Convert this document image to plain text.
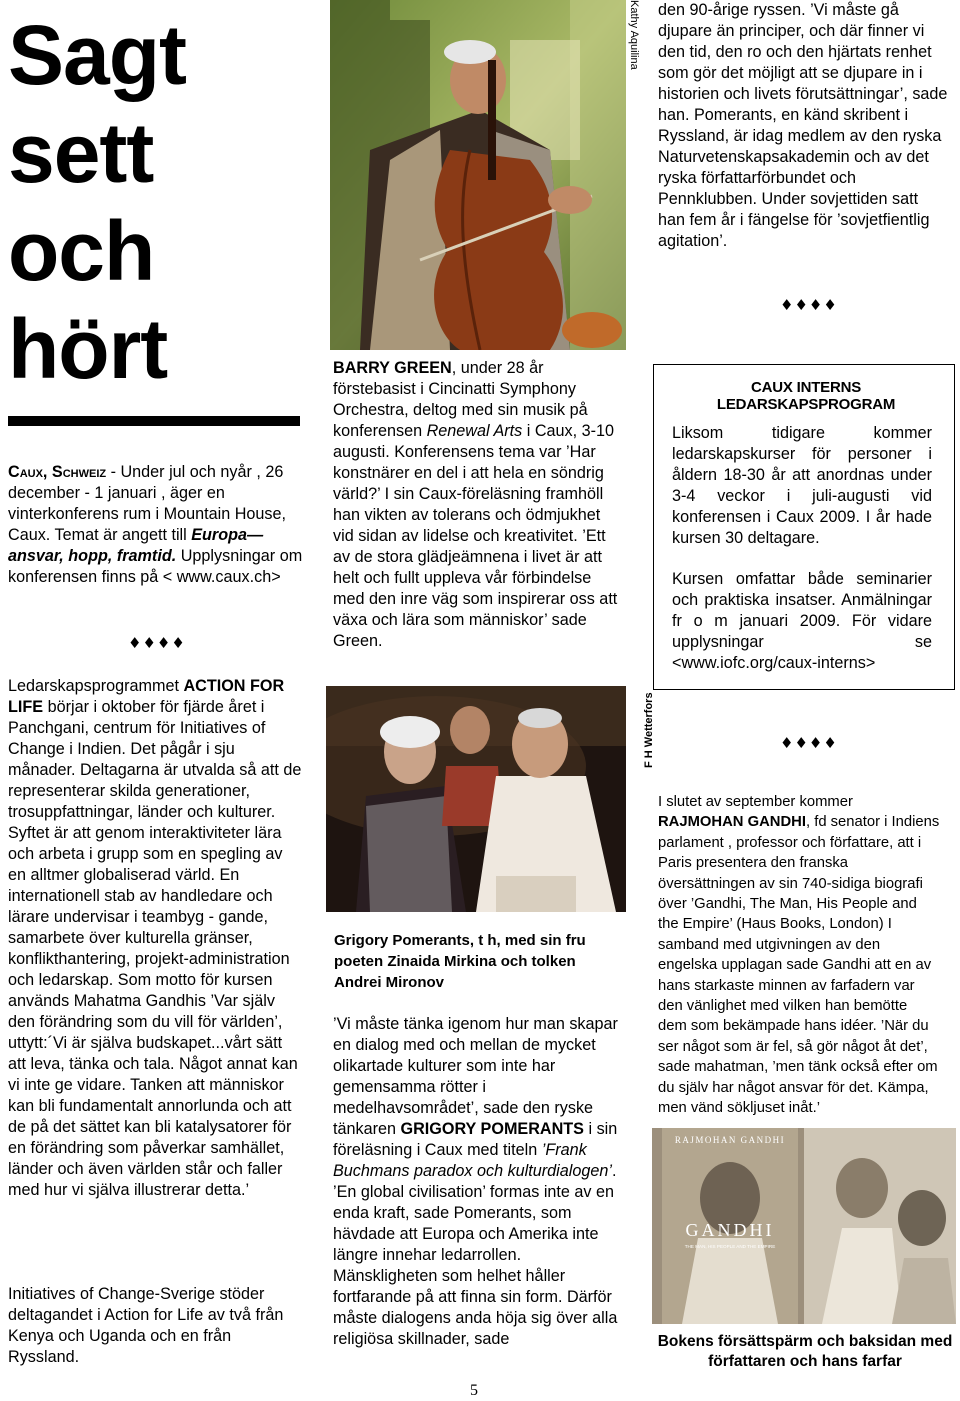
Sagt sett och hört

Caux, Schweiz - Under jul och nyår , 26 december - 1 januari , äger en vinterkonferens rum i Mountain House, Caux. Temat är angett till Europa—ansvar, hopp, framtid. Upplysningar om konferensen finns på < www.caux.ch>

♦♦♦♦

Ledarskapsprogrammet ACTION FOR LIFE börjar i oktober för fjärde året i Panchgani, centrum för Initiatives of Change i Indien. Det pågår i sju månader. Deltagarna är utvalda så att de representerar skilda generationer, trosuppfattningar, länder och kulturer. Syftet är att genom interaktiviteter lära och arbeta i grupp som en spegling av en alltmer globaliserad värld. En internationell stab av handledare och lärare undervisar i teambyg - gande, samarbete över kulturella gränser, konflikthantering, projekt-administration och ledarskap. Som motto för kursen används Mahatma Gandhis ’Var själv den förändring som du vill för världen’, uttytt:´Vi är själva budskapet...vårt sätt att leva, tänka och tala. Något annat kan vi inte ge vidare. Tanken att människor kan bli fundamentalt annorlunda och att de på det sättet kan bli katalysatorer för en förändring som påverkar samhället, länder och även världen står och faller med hur vi själva illustrerar detta.’

Initiatives of Change-Sverige stöder deltagandet i Action for Life av två från Kenya och Uganda och en från Ryssland.

Kathy Aquilina

BARRY GREEN, under 28 år förstebasist i Cincinatti Symphony Orchestra, deltog med sin musik på konferensen Renewal Arts i Caux, 3-10 augusti. Konferensens tema var ’Har konstnärer en del i att hela en söndrig värld?’ I sin Caux-föreläsning framhöll han vikten av tolerans och ödmjukhet vid sidan av lidelse och kreativitet. ’Ett av de stora glädjeämnena i livet är att helt och fullt uppleva vår förbindelse med den inre väg som inspirerar oss att växa och lära som människor’ sade Green.

F H Wetterfors

Grigory Pomerants, t h, med sin fru poeten Zinaida Mirkina och tolken Andrei Mironov

’Vi måste tänka igenom hur man skapar en dialog med och mellan de mycket olikartade kulturer som inte har gemensamma rötter i medelhavsområdet’, sade den ryske tänkaren GRIGORY POMERANTS i sin föreläsning i Caux med titeln ’Frank Buchmans paradox och kulturdialogen’. ’En global civilisation’ formas inte av en enda kraft, sade Pomerants, som hävdade att Europa och Amerika inte längre innehar ledarrollen. Mänskligheten som helhet håller fortfarande på att finna sin form. Därför måste dialogens anda höja sig över alla religiösa skillnader, sade

den 90-årige ryssen. ’Vi måste gå djupare än principer, och där finner vi den tid, den ro och den hjärtats renhet som gör det möjligt att se djupare in i historien och livets förutsättningar’, sade han. Pomerants, en känd skribent i Ryssland, är idag medlem av den ryska Naturvetenskapsakademin och av det ryska författarförbundet och Pennklubben. Under sovjettiden satt han fem år i fängelse för ’sovjetfientlig agitation’.

♦♦♦♦
CAUX INTERNS LEDARSKAPSPROGRAM

Liksom tidigare kommer ledarskapskurser för personer i åldern 18-30 år att anordnas under 3-4 veckor i juli-augusti vid konferensen i Caux 2009. I år hade kursen 30 deltagare.

Kursen omfattar både seminarier och praktiska insatser. Anmälningar fr o m januari 2009. För vidare upplysningar se <www.iofc.org/caux-interns>

♦♦♦♦

I slutet av september kommer RAJMOHAN GANDHI, fd senator i Indiens parlament , professor och författare, att i Paris presentera den franska översättningen av sin 740-sidiga biografi över ’Gandhi, The Man, His People and the Empire’ (Haus Books, London) I samband med utgivningen av den engelska upplagan sade Gandhi att en av hans starkaste minnen av farfadern var den vänlighet med vilken han bemötte dem som bekämpade hans idéer. ’När du ser något som är fel, så gör något åt det’, sade mahatman, ’men tänk också efter om du själv har något ansvar för det. Kämpa, men vänd sökljuset inåt.’

RAJMOHAN GANDHI
GANDHI
THE MAN, HIS PEOPLE AND THE EMPIRE

Bokens försättspärm och baksidan med författaren och hans farfar

5
